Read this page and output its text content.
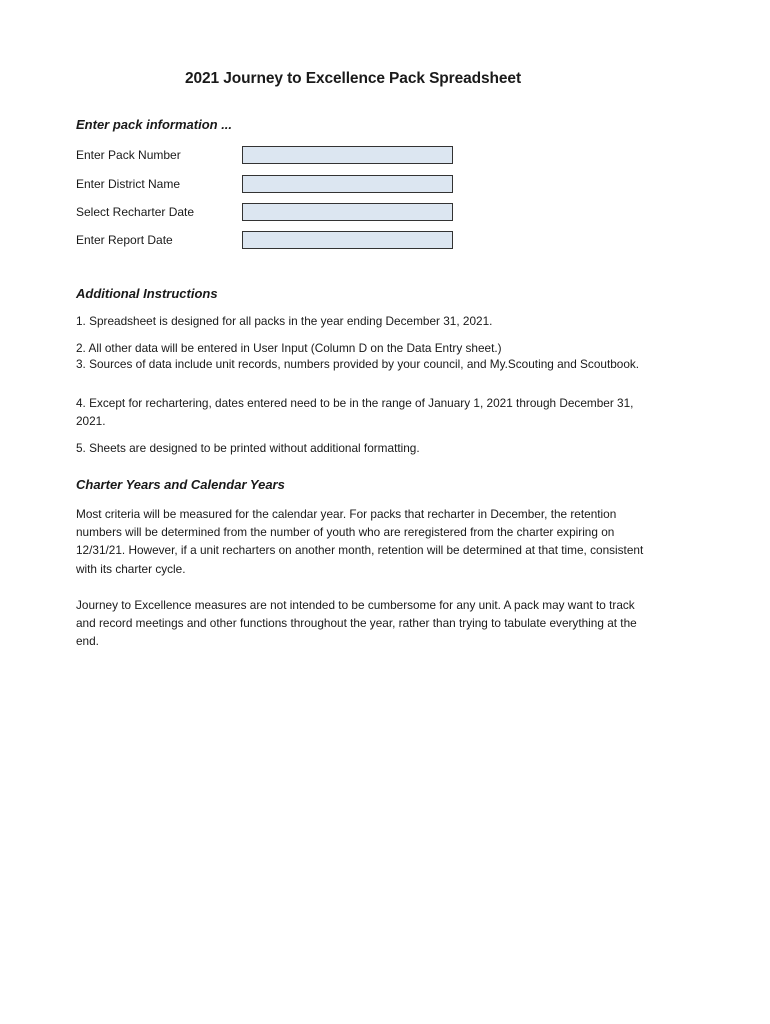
2021 Journey to Excellence Pack Spreadsheet
Enter pack information ...
Enter Pack Number
Enter District Name
Select Recharter Date
Enter Report Date
Additional Instructions
1. Spreadsheet is designed for all packs in the year ending December 31, 2021.
2. All other data will be entered in User Input (Column D on the Data Entry sheet.)
3. Sources of data include unit records, numbers provided by your council, and My.Scouting and Scoutbook.
4. Except for rechartering, dates entered need to be in the range of January 1, 2021 through December 31, 2021.
5. Sheets are designed to be printed without additional formatting.
Charter Years and Calendar Years
Most criteria will be measured for the calendar year. For packs that recharter in December, the retention numbers will be determined from the number of youth who are reregistered from the charter expiring on 12/31/21. However, if a unit recharters on another month, retention will be determined at that time, consistent with its charter cycle.
Journey to Excellence measures are not intended to be cumbersome for any unit. A pack may want to track and record meetings and other functions throughout the year, rather than trying to tabulate everything at the end.
